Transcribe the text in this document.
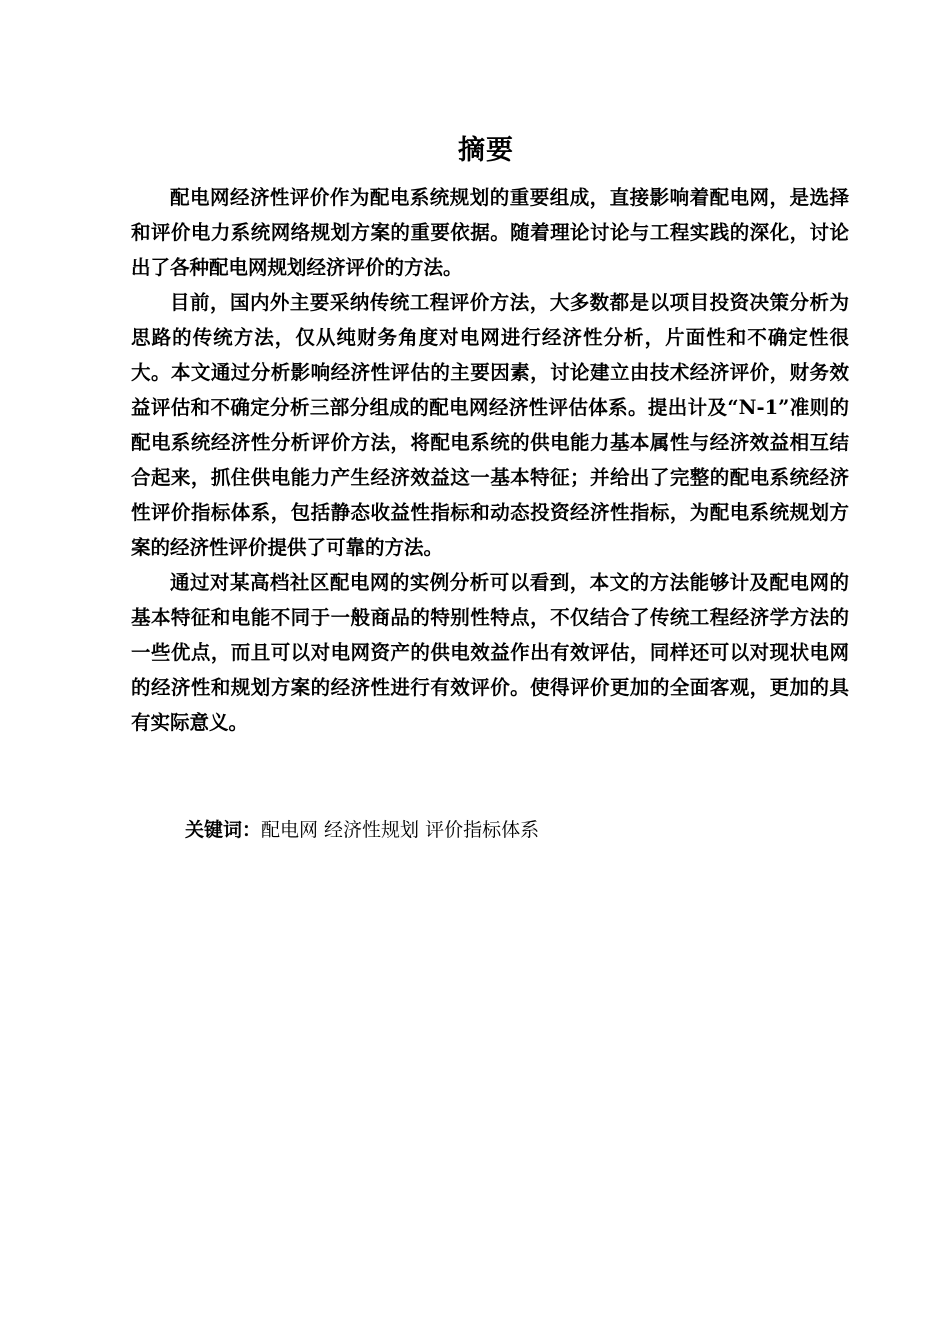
摘要

配电网经济性评价作为配电系统规划的重要组成，直接影响着配电网，是选择和评价电力系统网络规划方案的重要依据。随着理论讨论与工程实践的深化，讨论出了各种配电网规划经济评价的方法。

目前，国内外主要采纳传统工程评价方法，大多数都是以项目投资决策分析为思路的传统方法，仅从纯财务角度对电网进行经济性分析，片面性和不确定性很大。本文通过分析影响经济性评估的主要因素，讨论建立由技术经济评价，财务效益评估和不确定分析三部分组成的配电网经济性评估体系。提出计及“N-1”准则的配电系统经济性分析评价方法，将配电系统的供电能力基本属性与经济效益相互结合起来，抓住供电能力产生经济效益这一基本特征；并给出了完整的配电系统经济性评价指标体系，包括静态收益性指标和动态投资经济性指标，为配电系统规划方案的经济性评价提供了可靠的方法。

通过对某高档社区配电网的实例分析可以看到，本文的方法能够计及配电网的基本特征和电能不同于一般商品的特别性特点，不仅结合了传统工程经济学方法的一些优点，而且可以对电网资产的供电效益作出有效评估，同样还可以对现状电网的经济性和规划方案的经济性进行有效评价。使得评价更加的全面客观，更加的具有实际意义。

关键词：配电网 经济性规划 评价指标体系
